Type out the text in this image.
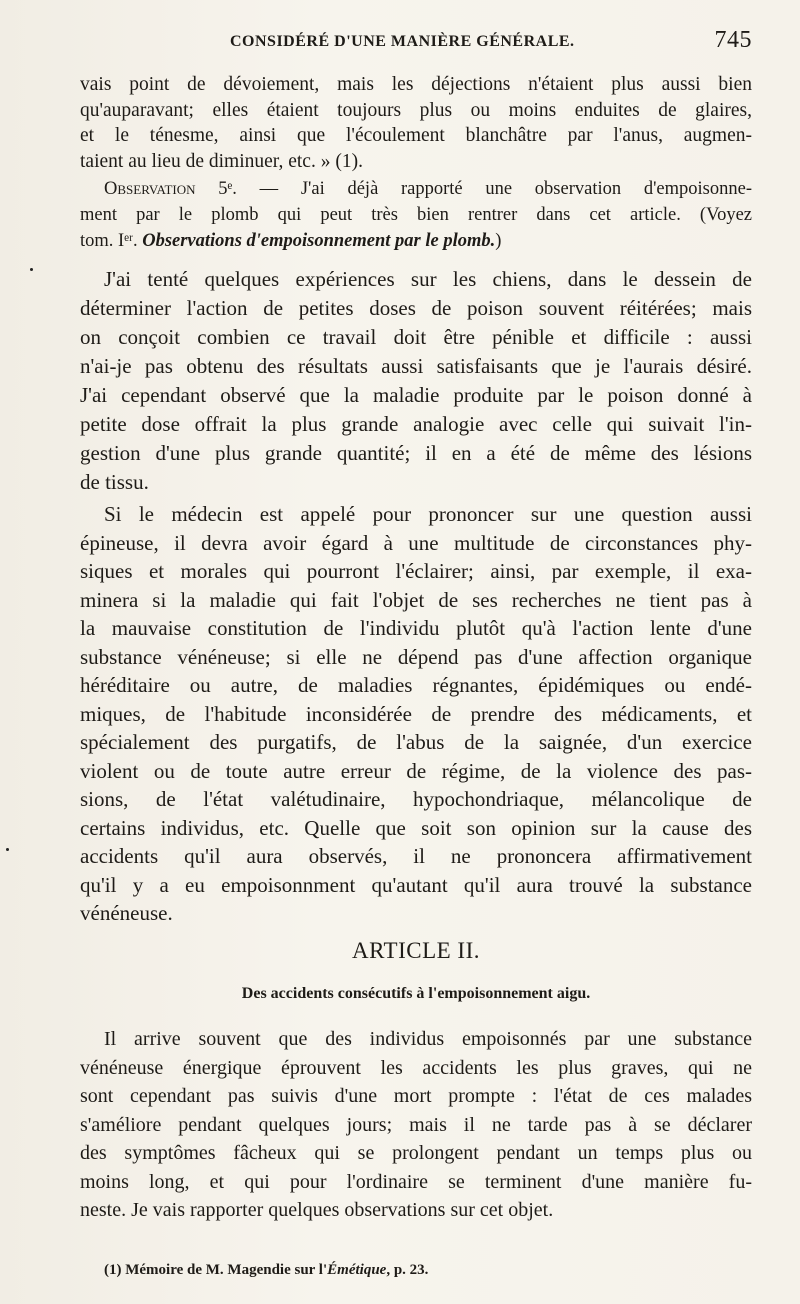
CONSIDÉRÉ D'UNE MANIÈRE GÉNÉRALE.	745
vais point de dévoiement, mais les déjections n'étaient plus aussi bien
qu'auparavant; elles étaient toujours plus ou moins enduites de glaires,
et le ténesme, ainsi que l'écoulement blanchâtre par l'anus, augmen-
taient au lieu de diminuer, etc. » (1).
Observation 5ᵉ. — J'ai déjà rapporté une observation d'empoisonne-
ment par le plomb qui peut très bien rentrer dans cet article. (Voyez
tom. Iᵉʳ. Observations d'empoisonnement par le plomb.)
J'ai tenté quelques expériences sur les chiens, dans le dessein de
déterminer l'action de petites doses de poison souvent réitérées; mais
on conçoit combien ce travail doit être pénible et difficile : aussi
n'ai-je pas obtenu des résultats aussi satisfaisants que je l'aurais désiré.
J'ai cependant observé que la maladie produite par le poison donné à
petite dose offrait la plus grande analogie avec celle qui suivait l'in-
gestion d'une plus grande quantité; il en a été de même des lésions
de tissu.
Si le médecin est appelé pour prononcer sur une question aussi
épineuse, il devra avoir égard à une multitude de circonstances phy-
siques et morales qui pourront l'éclairer; ainsi, par exemple, il exa-
minera si la maladie qui fait l'objet de ses recherches ne tient pas à
la mauvaise constitution de l'individu plutôt qu'à l'action lente d'une
substance vénéneuse; si elle ne dépend pas d'une affection organique
héréditaire ou autre, de maladies régnantes, épidémiques ou endé-
miques, de l'habitude inconsidérée de prendre des médicaments, et
spécialement des purgatifs, de l'abus de la saignée, d'un exercice
violent ou de toute autre erreur de régime, de la violence des pas-
sions, de l'état valétudinaire, hypochondriaque, mélancolique de
certains individus, etc. Quelle que soit son opinion sur la cause des
accidents qu'il aura observés, il ne prononcera affirmativement
qu'il y a eu empoisonnment qu'autant qu'il aura trouvé la substance
vénéneuse.
ARTICLE II.
Des accidents consécutifs à l'empoisonnement aigu.
Il arrive souvent que des individus empoisonnés par une substance
vénéneuse énergique éprouvent les accidents les plus graves, qui ne
sont cependant pas suivis d'une mort prompte : l'état de ces malades
s'améliore pendant quelques jours; mais il ne tarde pas à se déclarer
des symptômes fâcheux qui se prolongent pendant un temps plus ou
moins long, et qui pour l'ordinaire se terminent d'une manière fu-
neste. Je vais rapporter quelques observations sur cet objet.
(1) Mémoire de M. Magendie sur l'Émétique, p. 23.
